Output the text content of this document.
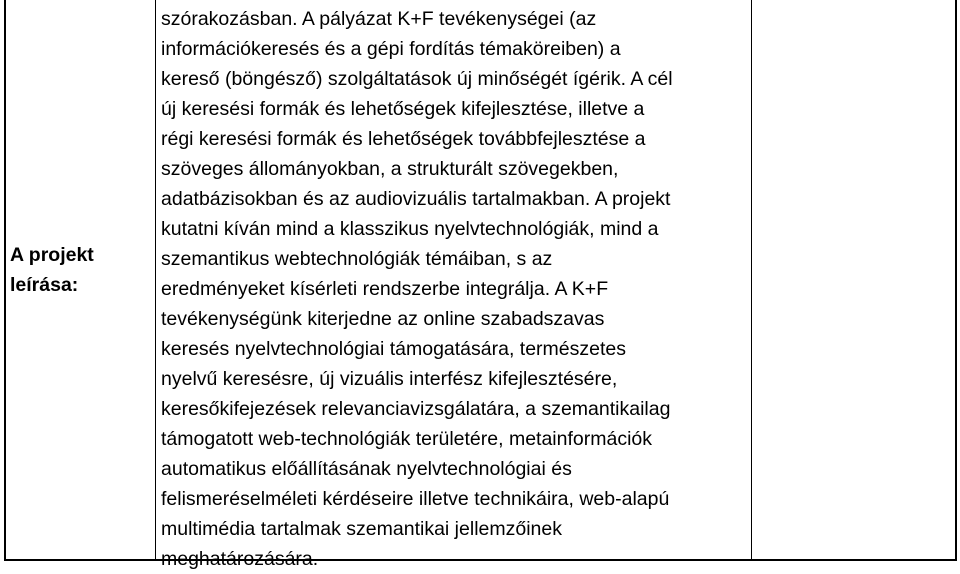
A projekt
leírása:
szórakozásban. A pályázat K+F tevékenységei (az
információkeresés és a gépi fordítás témaköreiben) a
kereső (böngésző) szolgáltatások új minőségét ígérik. A cél
új keresési formák és lehetőségek kifejlesztése, illetve a
régi keresési formák és lehetőségek továbbfejlesztése a
szöveges állományokban, a strukturált szövegekben,
adatbázisokban és az audiovizuális tartalmakban. A projekt
kutatni kíván mind a klasszikus nyelvtechnológiák, mind a
szemantikus webtechnológiák témáiban, s az
eredményeket kísérleti rendszerbe integrálja. A K+F
tevékenységünk kiterjedne az online szabadszavas
keresés nyelvtechnológiai támogatására, természetes
nyelvű keresésre, új vizuális interfész kifejlesztésére,
keresőkifejezések relevanciavizsgálatára, a szemantikailag
támogatott web-technológiák területére, metainformációk
automatikus előállításának nyelvtechnológiai és
felismeréselméleti kérdéseire illetve technikáira, web-alapú
multimédia tartalmak szemantikai jellemzőinek
meghatározására.
